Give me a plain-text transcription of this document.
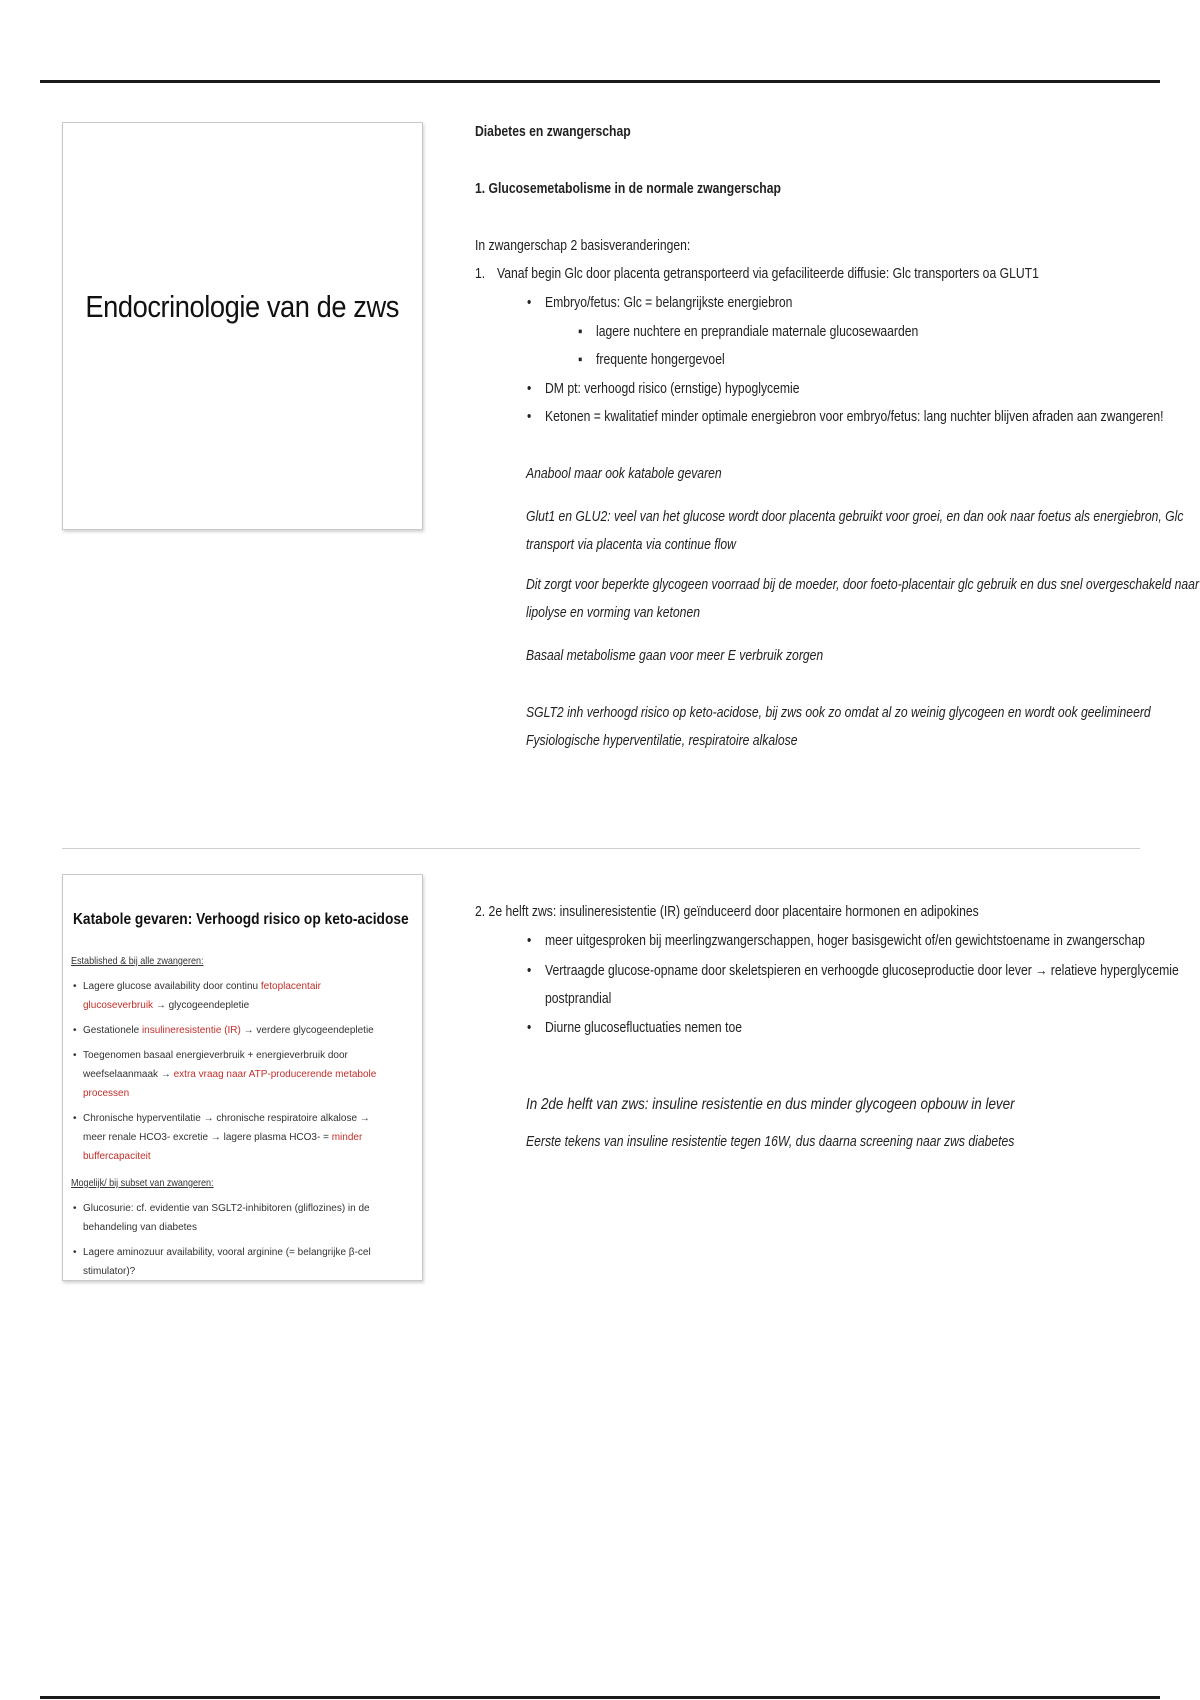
Endocrinologie van de zws
Diabetes en zwangerschap
1. Glucosemetabolisme in de normale zwangerschap
In zwangerschap 2 basisveranderingen:
1. Vanaf begin Glc door placenta getransporteerd via gefaciliteerde diffusie: Glc transporters oa GLUT1
• Embryo/fetus: Glc = belangrijkste energiebron
▪ lagere nuchtere en preprandiale maternale glucosewaarden
▪ frequente hongergevoel
• DM pt: verhoogd risico (ernstige) hypoglycemie
• Ketonen = kwalitatief minder optimale energiebron voor embryo/fetus: lang nuchter blijven afraden aan zwangeren!
Anabool maar ook katabole gevaren
Glut1 en GLU2: veel van het glucose wordt door placenta gebruikt voor groei, en dan ook naar foetus als energiebron, Glc
transport via placenta via continue flow
Dit zorgt voor beperkte glycogeen voorraad bij de moeder, door foeto-placentair glc gebruik en dus snel overgeschakeld naar
lipolyse en vorming van ketonen
Basaal metabolisme gaan voor meer E verbruik zorgen
SGLT2 inh verhoogd risico op keto-acidose, bij zws ook zo omdat al zo weinig glycogeen en wordt ook geelimineerd
Fysiologische hyperventilatie, respiratoire alkalose
Katabole gevaren: Verhoogd risico op keto-acidose
Established & bij alle zwangeren:
• Lagere glucose availability door continu fetoplacentair glucoseverbruik → glycogeendepletie
• Gestationele insulineresistentie (IR) → verdere glycogeendepletie
• Toegenomen basaal energieverbruik + energieverbruik door weefselaanmaak → extra vraag naar ATP-producerende metabole processen
• Chronische hyperventilatie → chronische respiratoire alkalose → meer renale HCO3- excretie → lagere plasma HCO3- = minder buffercapaciteit
Mogelijk/ bij subset van zwangeren:
• Glucosurie: cf. evidentie van SGLT2-inhibitoren (gliflozines) in de behandeling van diabetes
• Lagere aminozuur availability, vooral arginine (= belangrijke β-cel stimulator)?
2. 2e helft zws: insulineresistentie (IR) geïnduceerd door placentaire hormonen en adipokines
• meer uitgesproken bij meerlingzwangerschappen, hoger basisgewicht of/en gewichtstoename in zwangerschap
• Vertraagde glucose-opname door skeletspieren en verhoogde glucoseproductie door lever → relatieve hyperglycemie
postprandial
• Diurne glucosefluctuaties nemen toe
In 2de helft van zws: insuline resistentie en dus minder glycogeen opbouw in lever
Eerste tekens van insuline resistentie tegen 16W, dus daarna screening naar zws diabetes
